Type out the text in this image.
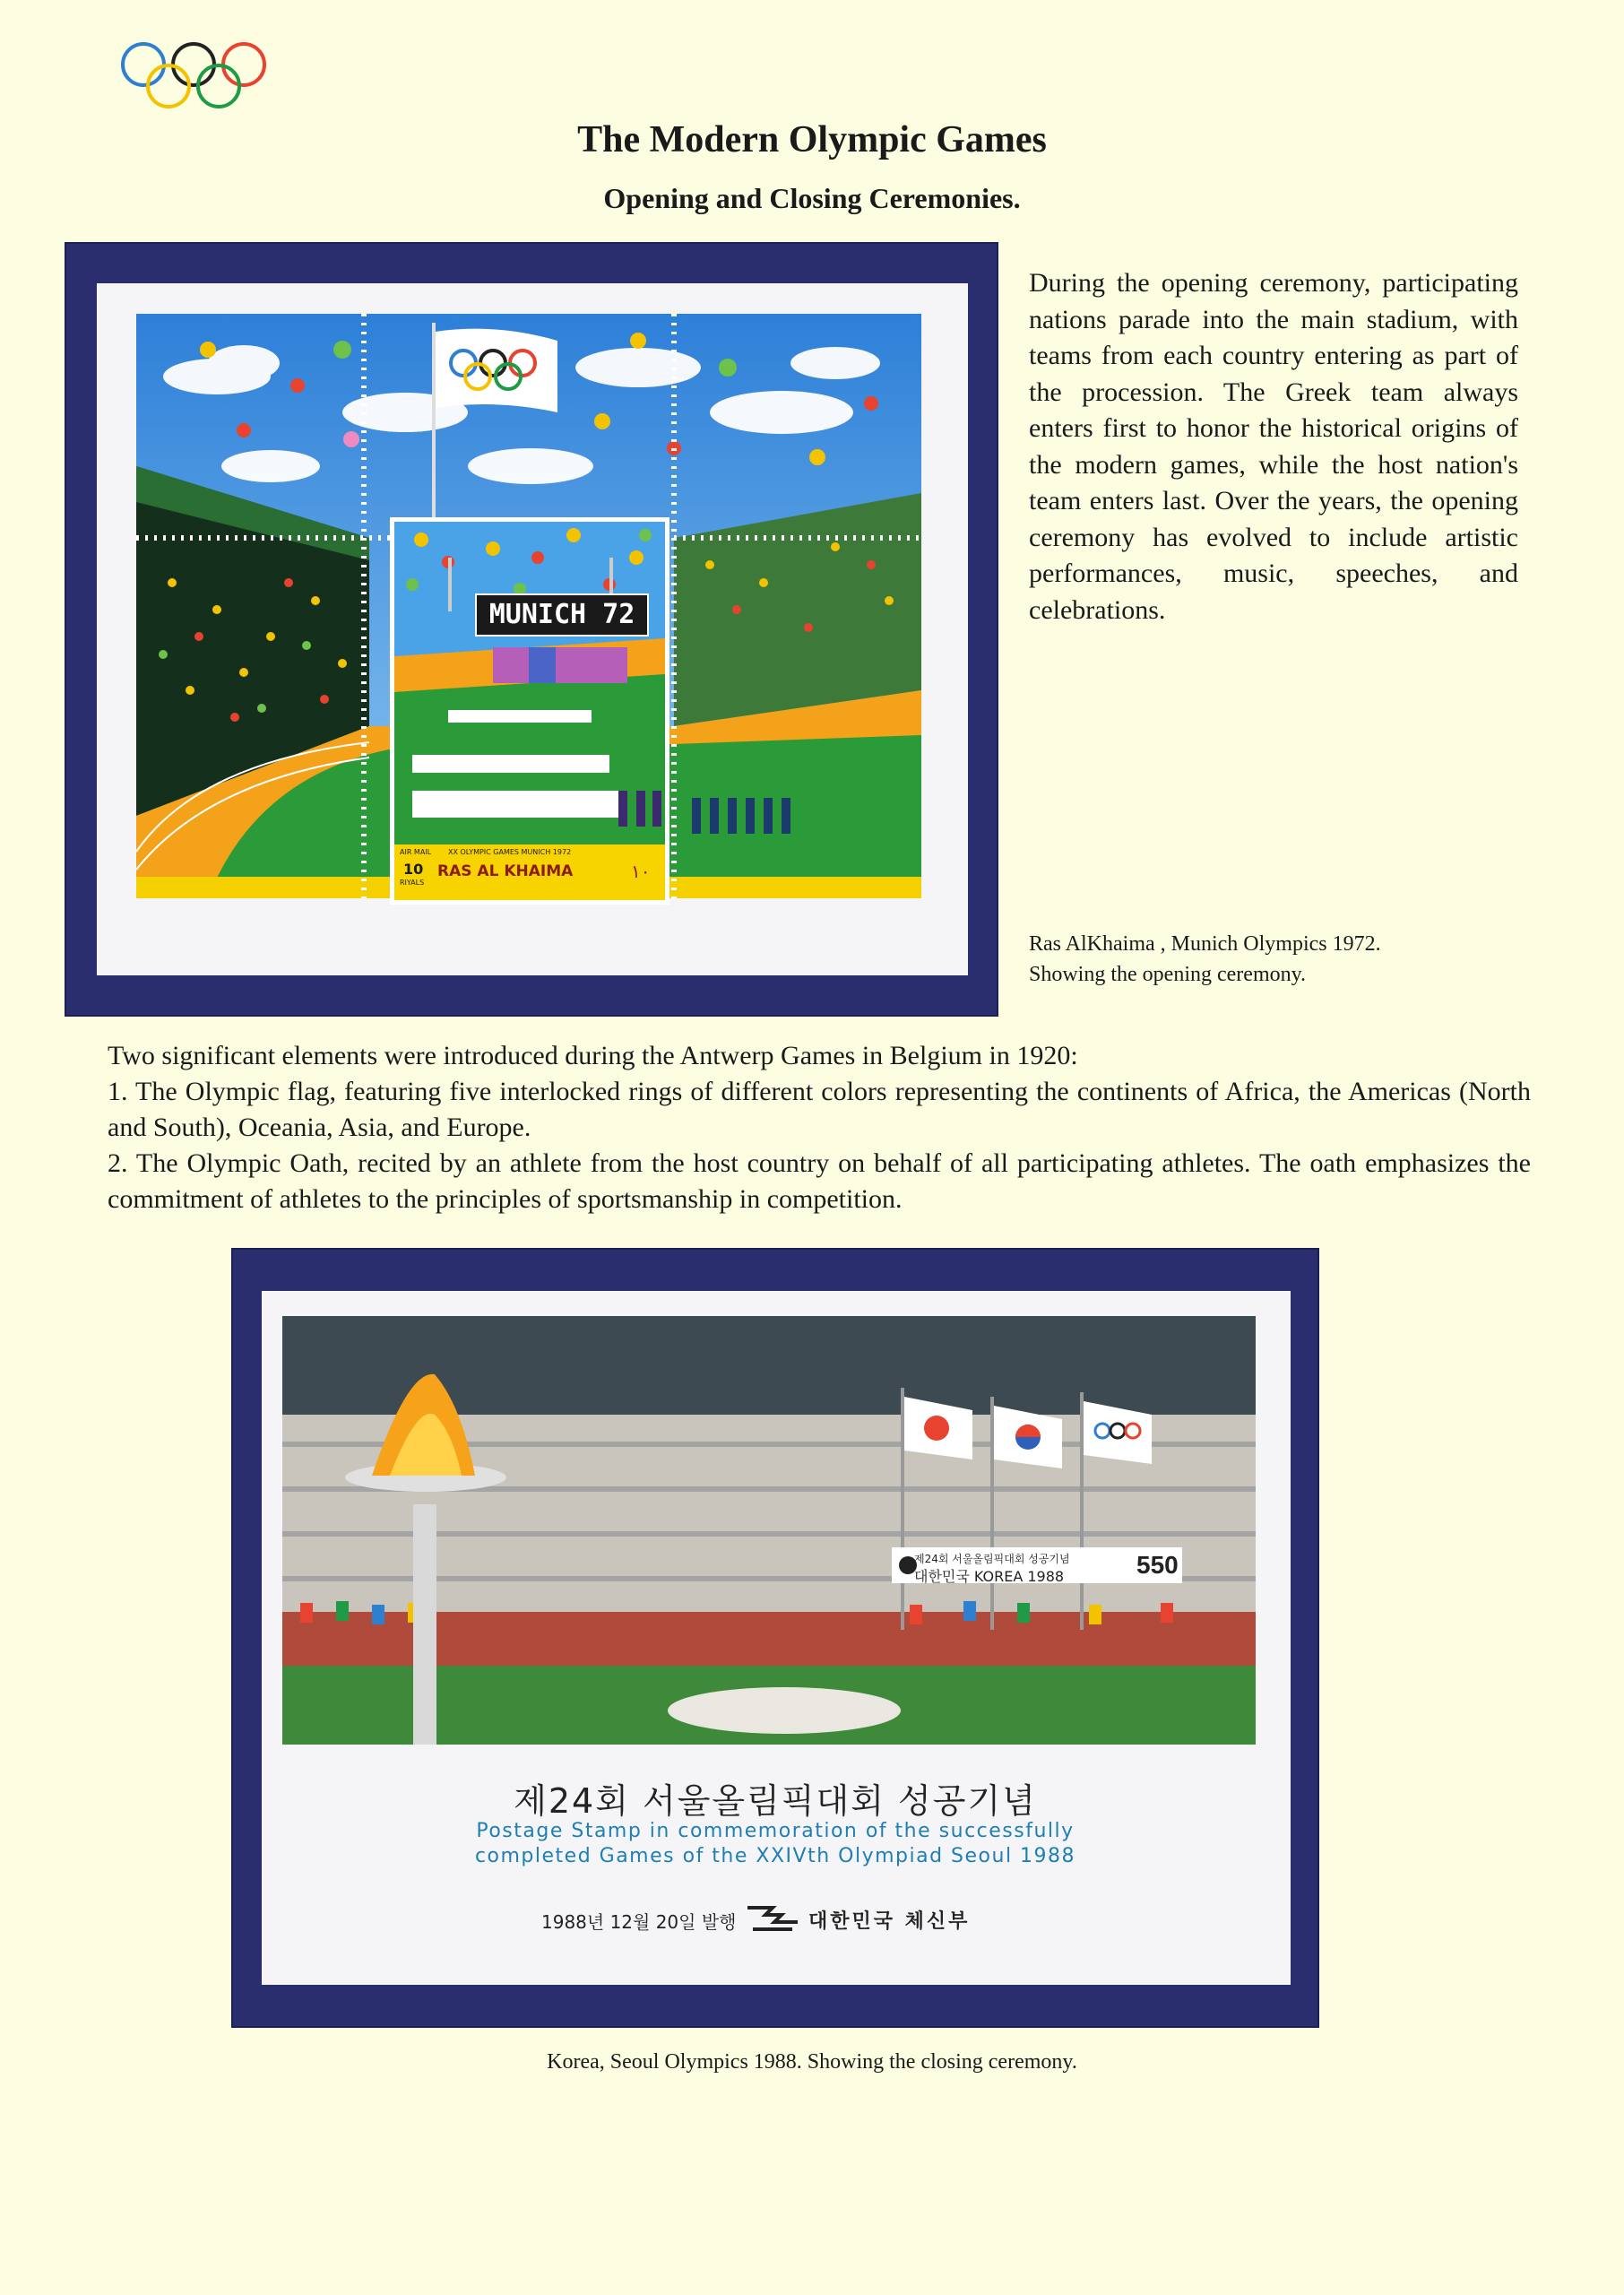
The Modern Olympic Games
Opening and Closing Ceremonies.
MUNICH 72
AIR MAIL XX OLYMPIC GAMES MUNICH 1972
10
RIYALS
RAS AL KHAIMA	١٠
During the opening ceremony, participating nations parade into the main stadium, with teams from each country entering as part of the procession. The Greek team always enters first to honor the historical origins of the modern games, while the host nation's team enters last. Over the years, the opening ceremony has evolved to include artistic performances, music, speeches, and celebrations.
Ras AlKhaima , Munich Olympics 1972.
Showing the opening ceremony.

Two significant elements were introduced during the Antwerp Games in Belgium in 1920:

1. The Olympic flag, featuring five interlocked rings of different colors representing the continents of Africa, the Americas (North and South), Oceania, Asia, and Europe.

2. The Olympic Oath, recited by an athlete from the host country on behalf of all participating athletes. The oath emphasizes the commitment of athletes to the principles of sportsmanship in competition.

제24회 서울올림픽대회 성공기념
대한민국 KOREA 1988	550
제24회 서울올림픽대회 성공기념
Postage Stamp in commemoration of the successfully
completed Games of the XXIVth Olympiad Seoul 1988
1988년 12월 20일 발행	대한민국 체신부
Korea, Seoul Olympics 1988. Showing the closing ceremony.
